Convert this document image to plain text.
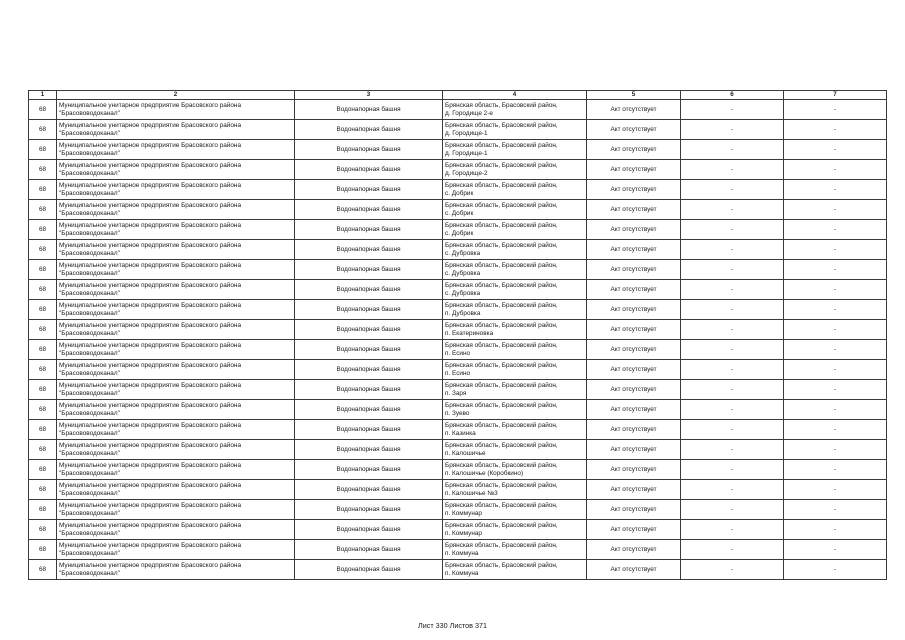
1	2	3	4	5	6	7
68	Муниципальное унитарное предприятие Брасовского района
"Брасововодоканал"	Водонапорная башня	Брянская область, Брасовский район,
д. Городище 2-е	Акт отсутствует	-	-
68	Муниципальное унитарное предприятие Брасовского района
"Брасововодоканал"	Водонапорная башня	Брянская область, Брасовский район,
д. Городище-1	Акт отсутствует	-	-
68	Муниципальное унитарное предприятие Брасовского района
"Брасововодоканал"	Водонапорная башня	Брянская область, Брасовский район,
д. Городище-1	Акт отсутствует	-	-
68	Муниципальное унитарное предприятие Брасовского района
"Брасововодоканал"	Водонапорная башня	Брянская область, Брасовский район,
д. Городище-2	Акт отсутствует	-	-
68	Муниципальное унитарное предприятие Брасовского района
"Брасововодоканал"	Водонапорная башня	Брянская область, Брасовский район,
с. Добрик	Акт отсутствует	-	-
68	Муниципальное унитарное предприятие Брасовского района
"Брасововодоканал"	Водонапорная башня	Брянская область, Брасовский район,
с. Добрик	Акт отсутствует	-	-
68	Муниципальное унитарное предприятие Брасовского района
"Брасововодоканал"	Водонапорная башня	Брянская область, Брасовский район,
с. Добрик	Акт отсутствует	-	-
68	Муниципальное унитарное предприятие Брасовского района
"Брасововодоканал"	Водонапорная башня	Брянская область, Брасовский район,
с. Дубровка	Акт отсутствует	-	-
68	Муниципальное унитарное предприятие Брасовского района
"Брасововодоканал"	Водонапорная башня	Брянская область, Брасовский район,
с. Дубровка	Акт отсутствует	-	-
68	Муниципальное унитарное предприятие Брасовского района
"Брасововодоканал"	Водонапорная башня	Брянская область, Брасовский район,
с. Дубровка	Акт отсутствует	-	-
68	Муниципальное унитарное предприятие Брасовского района
"Брасововодоканал"	Водонапорная башня	Брянская область, Брасовский район,
п. Дубровка	Акт отсутствует	-	-
68	Муниципальное унитарное предприятие Брасовского района
"Брасововодоканал"	Водонапорная башня	Брянская область, Брасовский район,
п. Екатериновка	Акт отсутствует	-	-
68	Муниципальное унитарное предприятие Брасовского района
"Брасововодоканал"	Водонапорная башня	Брянская область, Брасовский район,
п. Есино	Акт отсутствует	-	-
68	Муниципальное унитарное предприятие Брасовского района
"Брасововодоканал"	Водонапорная башня	Брянская область, Брасовский район,
п. Есино	Акт отсутствует	-	-
68	Муниципальное унитарное предприятие Брасовского района
"Брасововодоканал"	Водонапорная башня	Брянская область, Брасовский район,
п. Заря	Акт отсутствует	-	-
68	Муниципальное унитарное предприятие Брасовского района
"Брасововодоканал"	Водонапорная башня	Брянская область, Брасовский район,
п. Зуево	Акт отсутствует	-	-
68	Муниципальное унитарное предприятие Брасовского района
"Брасововодоканал"	Водонапорная башня	Брянская область, Брасовский район,
п. Казинка	Акт отсутствует	-	-
68	Муниципальное унитарное предприятие Брасовского района
"Брасововодоканал"	Водонапорная башня	Брянская область, Брасовский район,
п. Калошичье	Акт отсутствует	-	-
68	Муниципальное унитарное предприятие Брасовского района
"Брасововодоканал"	Водонапорная башня	Брянская область, Брасовский район,
п. Калошичье (Коробкино)	Акт отсутствует	-	-
68	Муниципальное унитарное предприятие Брасовского района
"Брасововодоканал"	Водонапорная башня	Брянская область, Брасовский район,
п. Калошичье №3	Акт отсутствует	-	-
68	Муниципальное унитарное предприятие Брасовского района
"Брасововодоканал"	Водонапорная башня	Брянская область, Брасовский район,
п. Коммунар	Акт отсутствует	-	-
68	Муниципальное унитарное предприятие Брасовского района
"Брасововодоканал"	Водонапорная башня	Брянская область, Брасовский район,
п. Коммунар	Акт отсутствует	-	-
68	Муниципальное унитарное предприятие Брасовского района
"Брасововодоканал"	Водонапорная башня	Брянская область, Брасовский район,
п. Коммуна	Акт отсутствует	-	-
68	Муниципальное унитарное предприятие Брасовского района
"Брасововодоканал"	Водонапорная башня	Брянская область, Брасовский район,
п. Коммуна	Акт отсутствует	-	-
Лист 330 Листов 371
